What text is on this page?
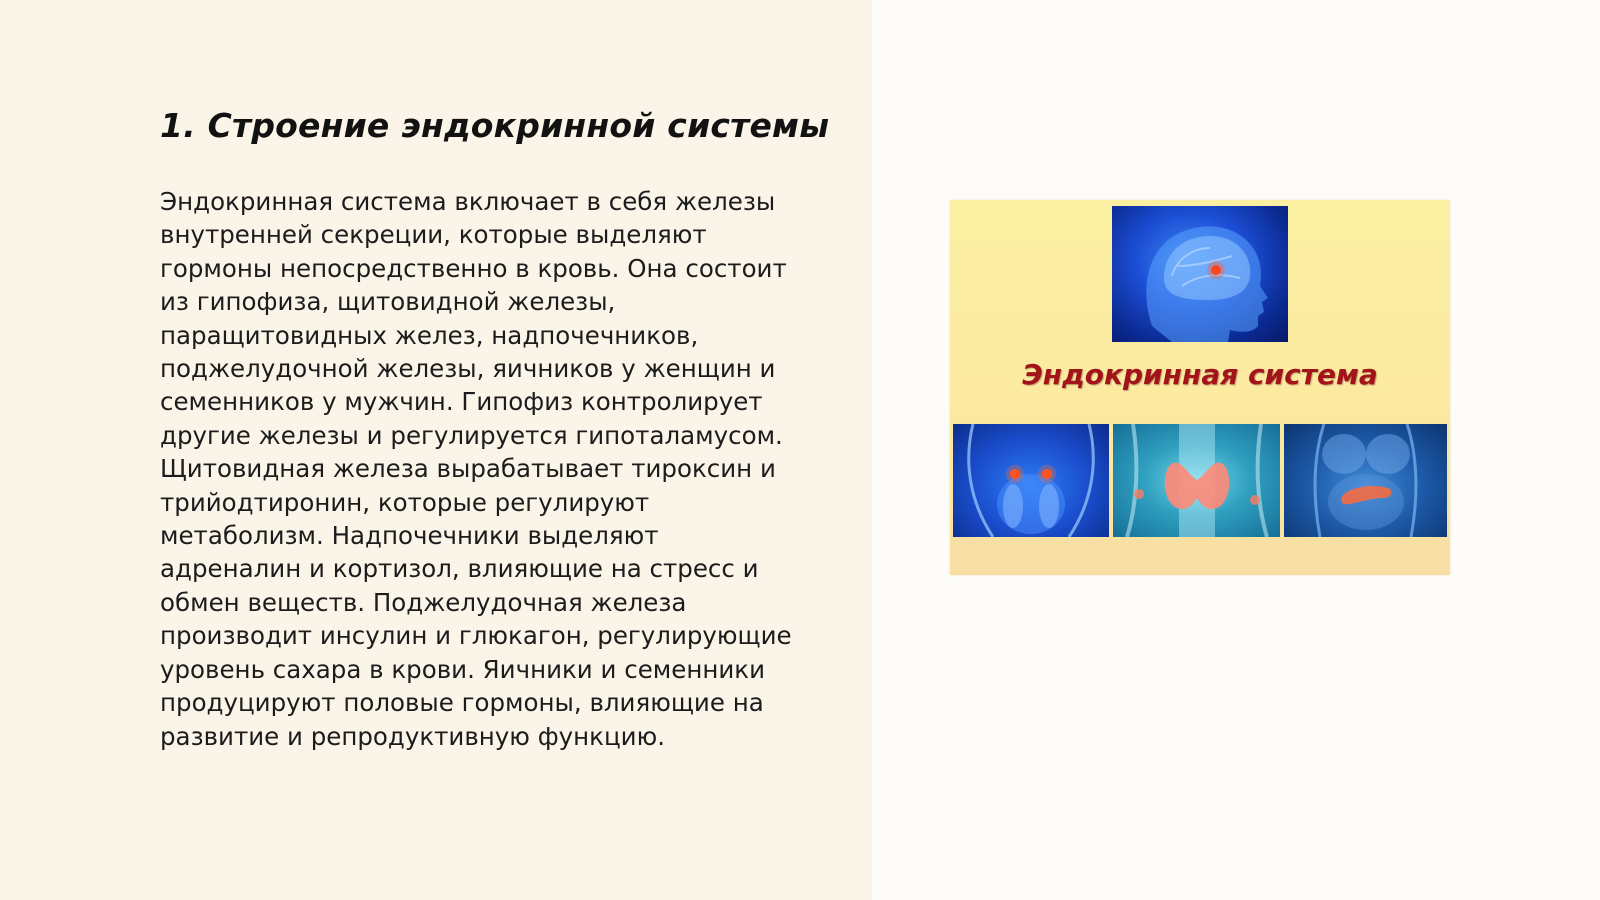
1. Строение эндокринной системы
Эндокринная система включает в себя железы
внутренней секреции, которые выделяют
гормоны непосредственно в кровь. Она состоит
из гипофиза, щитовидной железы,
паращитовидных желез, надпочечников,
поджелудочной железы, яичников у женщин и
семенников у мужчин. Гипофиз контролирует
другие железы и регулируется гипоталамусом.
Щитовидная железа вырабатывает тироксин и
трийодтиронин, которые регулируют
метаболизм. Надпочечники выделяют
адреналин и кортизол, влияющие на стресс и
обмен веществ. Поджелудочная железа
производит инсулин и глюкагон, регулирующие
уровень сахара в крови. Яичники и семенники
продуцируют половые гормоны, влияющие на
развитие и репродуктивную функцию.
Эндокринная система
